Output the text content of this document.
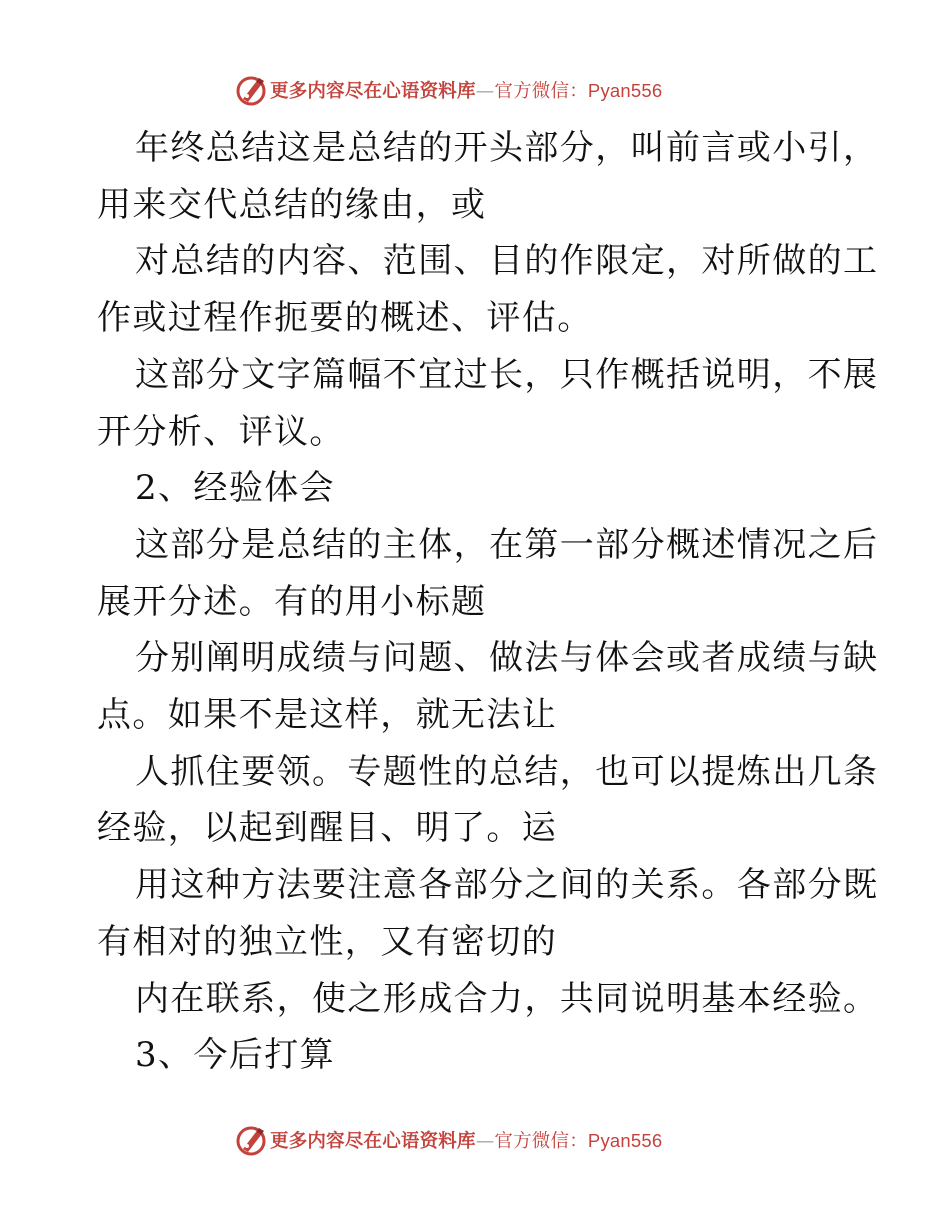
更多内容尽在心语资料库—官方微信：Pyan556

年终总结这是总结的开头部分，叫前言或小引，

用来交代总结的缘由，或

对总结的内容、范围、目的作限定，对所做的工

作或过程作扼要的概述、评估。

这部分文字篇幅不宜过长，只作概括说明，不展

开分析、评议。

2、经验体会

这部分是总结的主体，在第一部分概述情况之后

展开分述。有的用小标题

分别阐明成绩与问题、做法与体会或者成绩与缺

点。如果不是这样，就无法让

人抓住要领。专题性的总结，也可以提炼出几条

经验，以起到醒目、明了。运

用这种方法要注意各部分之间的关系。各部分既

有相对的独立性，又有密切的

内在联系，使之形成合力，共同说明基本经验。

3、今后打算

更多内容尽在心语资料库—官方微信：Pyan556
